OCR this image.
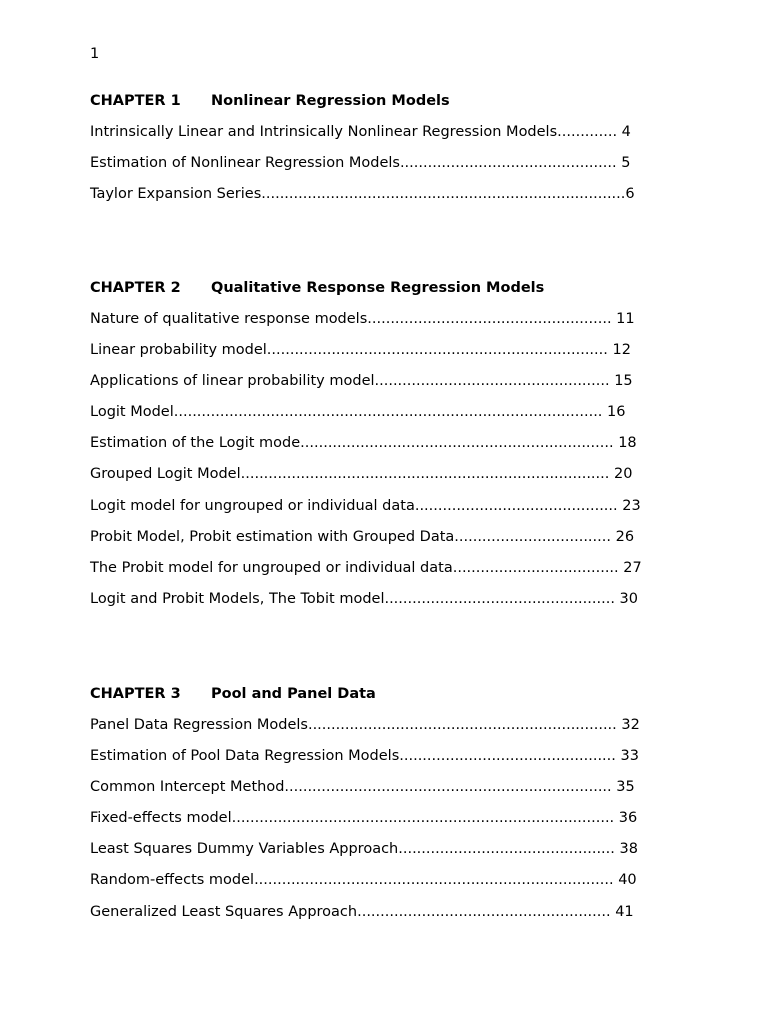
1
CHAPTER 1 Nonlinear Regression Models
Intrinsically Linear and Intrinsically Nonlinear Regression Models............. 4
Estimation of Nonlinear Regression Models............................................... 5
Taylor Expansion Series...............................................................................6
CHAPTER 2 Qualitative Response Regression Models
Nature of qualitative response models..................................................... 11
Linear probability model.......................................................................... 12
Applications of linear probability model................................................... 15
Logit Model............................................................................................. 16
Estimation of the Logit mode.................................................................... 18
Grouped Logit Model................................................................................ 20
Logit model for ungrouped or individual data............................................ 23
Probit Model, Probit estimation with Grouped Data.................................. 26
The Probit model for ungrouped or individual data.................................... 27
Logit and Probit Models, The Tobit model.................................................. 30
CHAPTER 3 Pool and Panel Data
Panel Data Regression Models................................................................... 32
Estimation of Pool Data Regression Models............................................... 33
Common Intercept Method....................................................................... 35
Fixed-effects model................................................................................... 36
Least Squares Dummy Variables Approach............................................... 38
Random-effects model.............................................................................. 40
Generalized Least Squares Approach....................................................... 41
